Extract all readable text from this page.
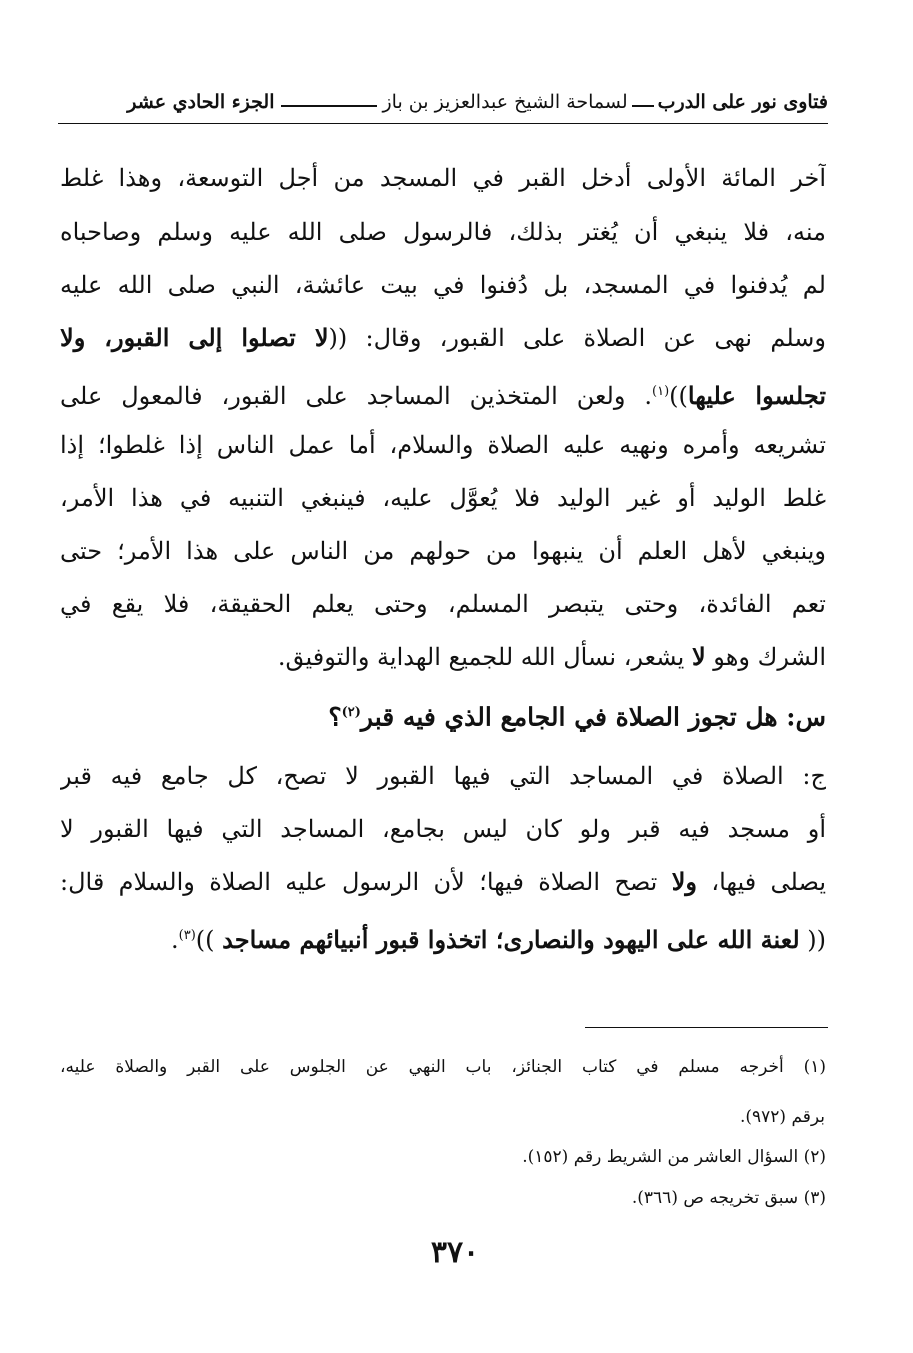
فتاوى نور على الدرب
لسماحة الشيخ عبدالعزيز بن باز
الجزء الحادي عشر
آخر المائة الأولى أدخل القبر في المسجد من أجل التوسعة، وهذا غلط
منه، فلا ينبغي أن يُغتر بذلك، فالرسول صلى الله عليه وسلم وصاحباه
لم يُدفنوا في المسجد، بل دُفنوا في بيت عائشة، النبي صلى الله عليه
وسلم نهى عن الصلاة على القبور، وقال: ((لا تصلوا إلى القبور، ولا
تجلسوا عليها))$^{(١)}$. ولعن المتخذين المساجد على القبور، فالمعول على
تشريعه وأمره ونهيه عليه الصلاة والسلام، أما عمل الناس إذا غلطوا؛ إذا
غلط الوليد أو غير الوليد فلا يُعوَّل عليه، فينبغي التنبيه في هذا الأمر،
وينبغي لأهل العلم أن ينبهوا من حولهم من الناس على هذا الأمر؛ حتى
تعم الفائدة، وحتى يتبصر المسلم، وحتى يعلم الحقيقة، فلا يقع في
الشرك وهو لا يشعر، نسأل الله للجميع الهداية والتوفيق.
س: هل تجوز الصلاة في الجامع الذي فيه قبر$^{(٢)}$؟
ج: الصلاة في المساجد التي فيها القبور لا تصح، كل جامع فيه قبر
أو مسجد فيه قبر ولو كان ليس بجامع، المساجد التي فيها القبور لا
يصلى فيها، ولا تصح الصلاة فيها؛ لأن الرسول عليه الصلاة والسلام قال:
(( لعنة الله على اليهود والنصارى؛ اتخذوا قبور أنبيائهم مساجد ))$^{(٣)}$.
(١) أخرجه مسلم في كتاب الجنائز، باب النهي عن الجلوس على القبر والصلاة عليه،
برقم (٩٧٢).
(٢) السؤال العاشر من الشريط رقم (١٥٢).
(٣) سبق تخريجه ص (٣٦٦).
٣٧٠
